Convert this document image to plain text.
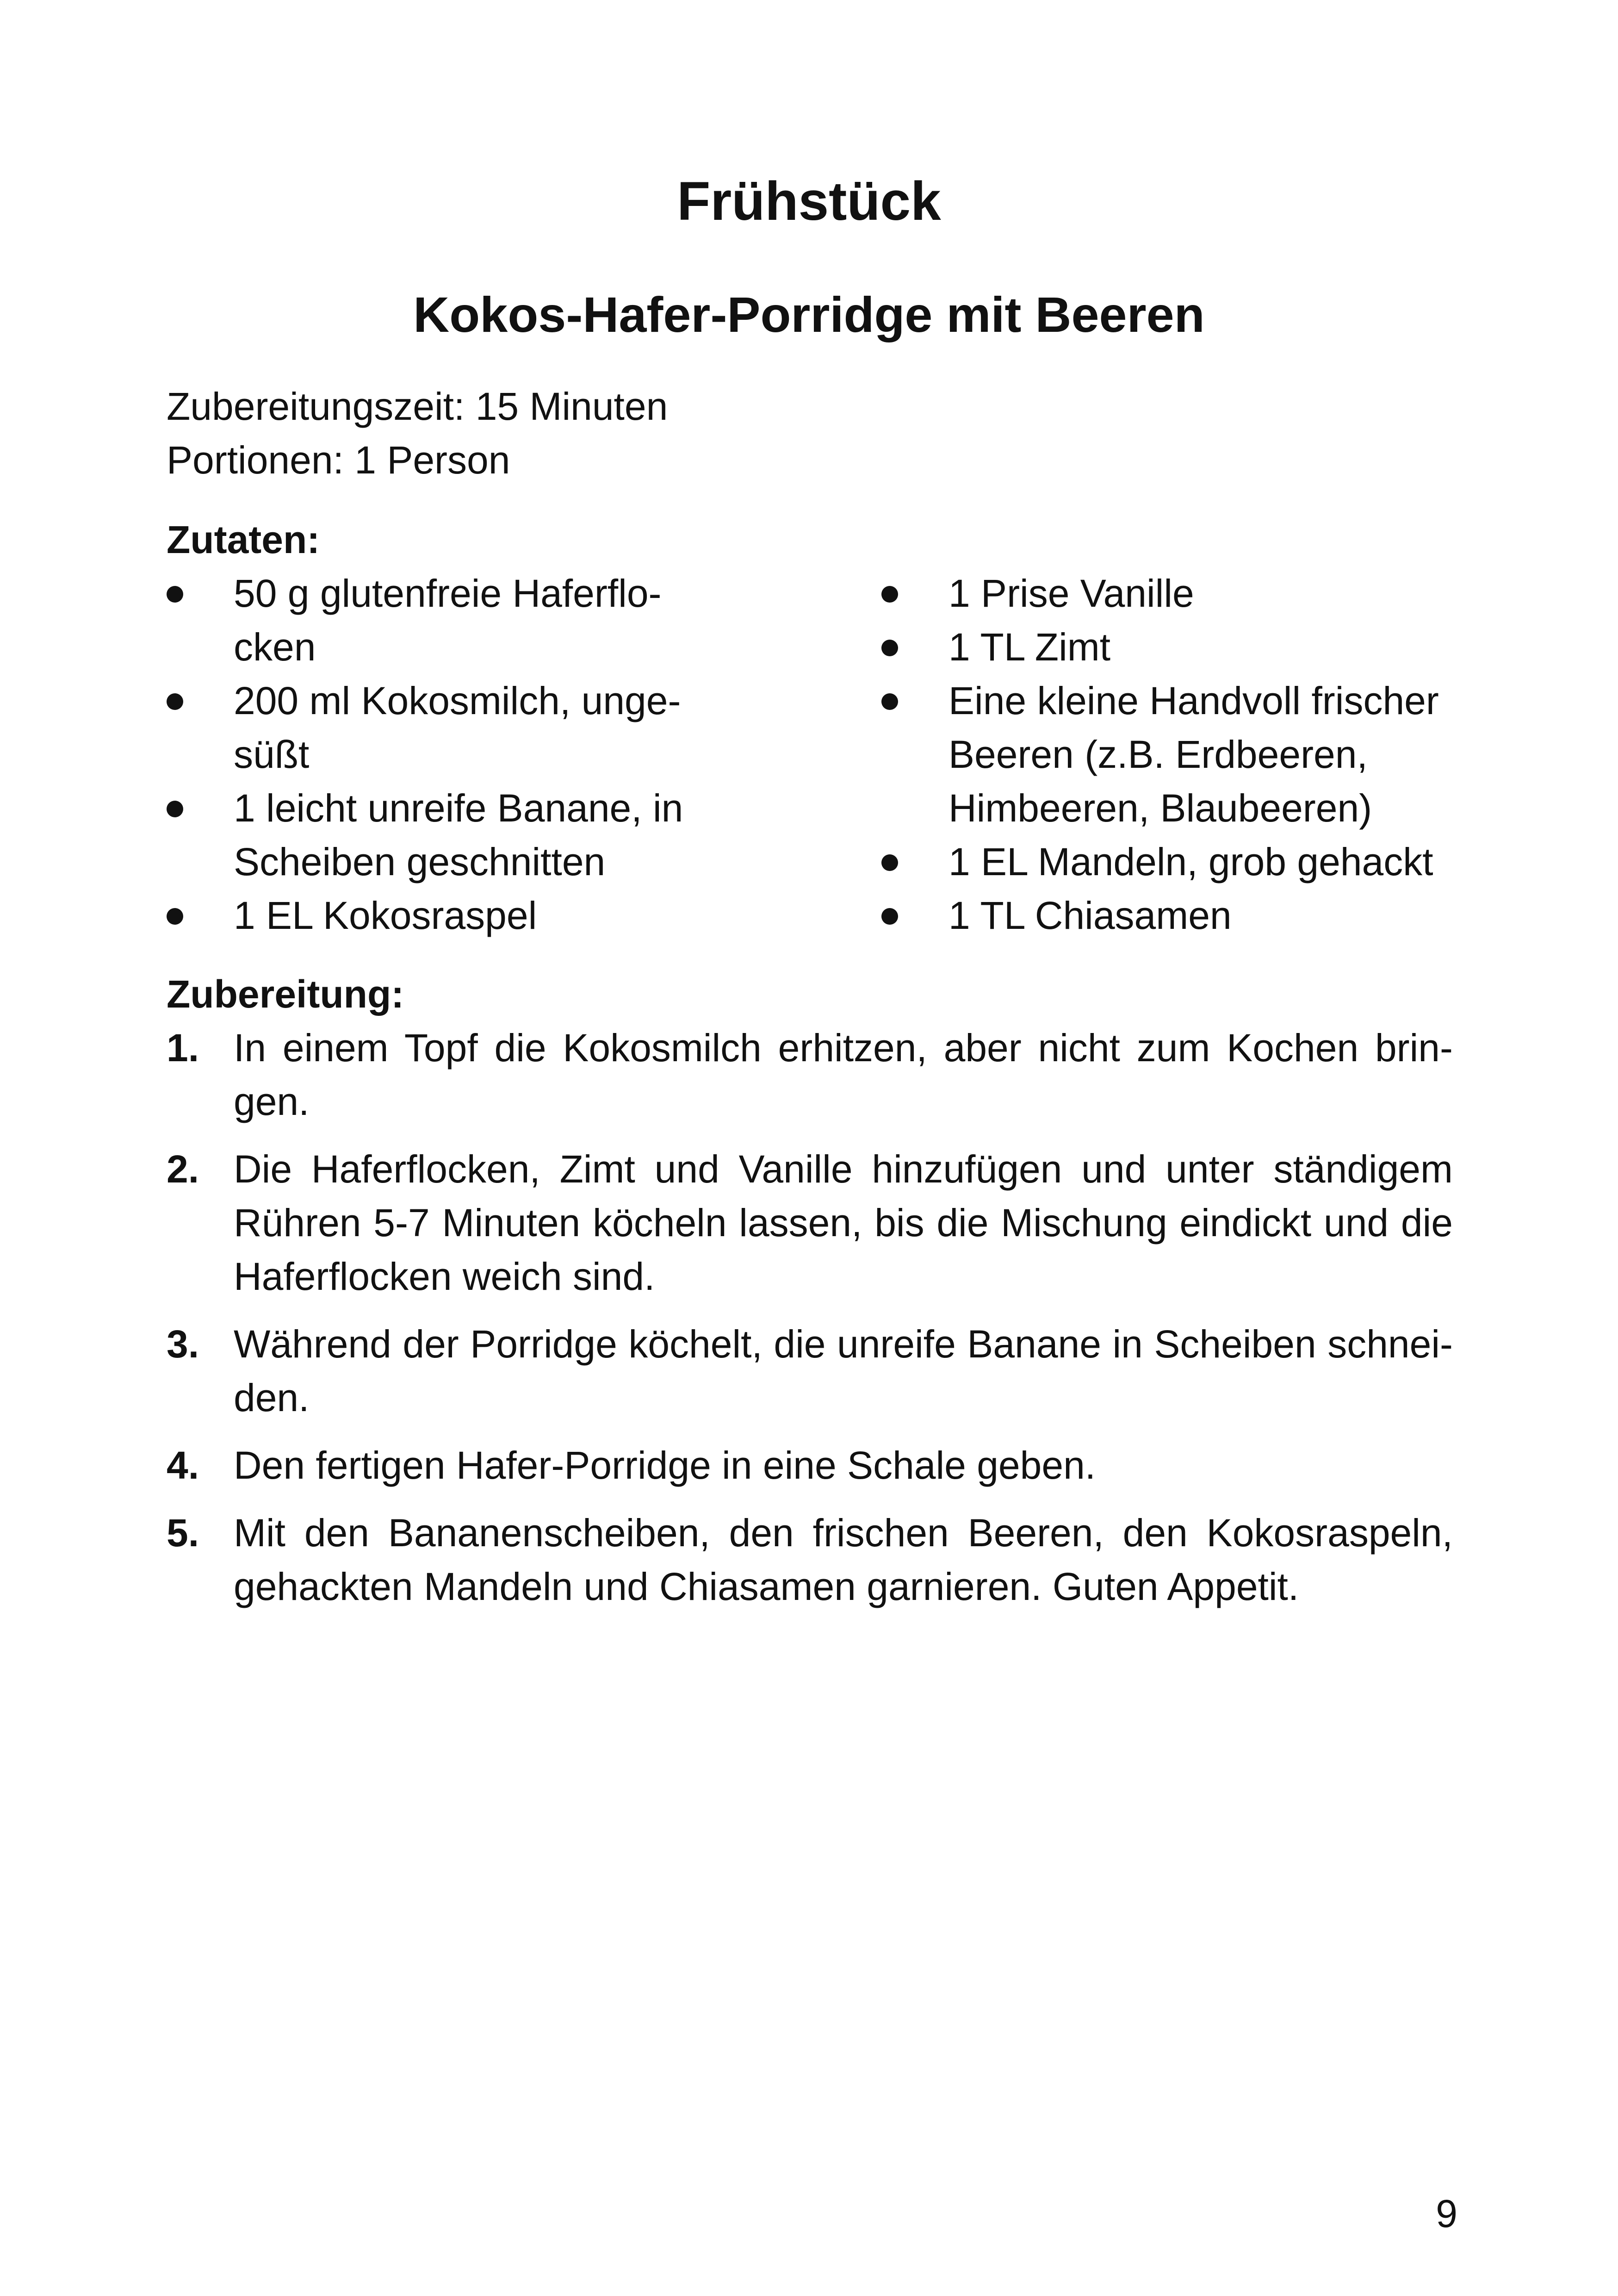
Frühstück
Kokos-Hafer-Porridge mit Beeren
Zubereitungszeit: 15 Minuten
Portionen: 1 Person
Zutaten:
50 g glutenfreie Haferflo-cken
200 ml Kokosmilch, unge-süßt
1 leicht unreife Banane, in Scheiben geschnitten
1 EL Kokosraspel
1 Prise Vanille
1 TL Zimt
Eine kleine Handvoll frischer Beeren (z.B. Erdbeeren, Himbeeren, Blaubeeren)
1 EL Mandeln, grob gehackt
1 TL Chiasamen
Zubereitung:
1. In einem Topf die Kokosmilch erhitzen, aber nicht zum Kochen brin-gen.
2. Die Haferflocken, Zimt und Vanille hinzufügen und unter ständigem Rühren 5-7 Minuten köcheln lassen, bis die Mischung eindickt und die Haferflocken weich sind.
3. Während der Porridge köchelt, die unreife Banane in Scheiben schnei-den.
4. Den fertigen Hafer-Porridge in eine Schale geben.
5. Mit den Bananenscheiben, den frischen Beeren, den Kokosraspeln, gehackten Mandeln und Chiasamen garnieren. Guten Appetit.
9
